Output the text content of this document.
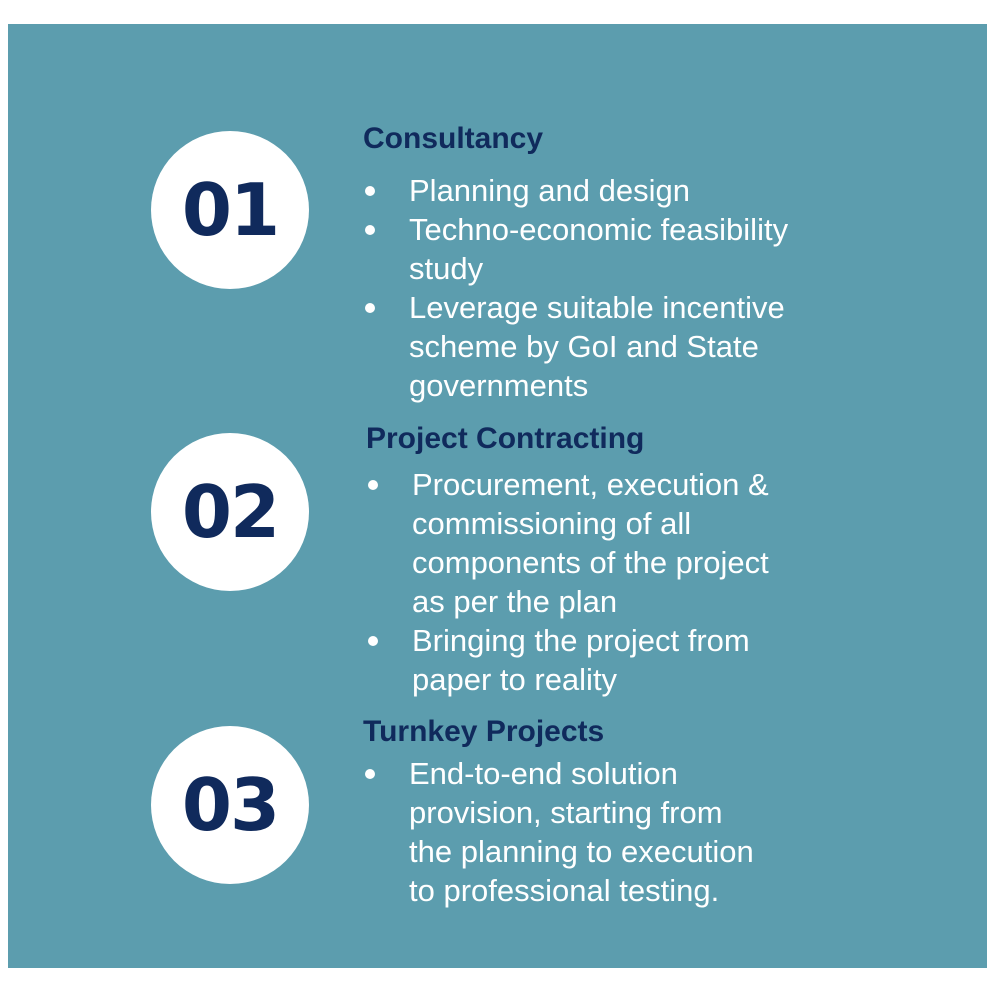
01
Consultancy
Planning and design
Techno-economic feasibility
study
Leverage suitable incentive
scheme by GoI and State
governments
02
Project Contracting
Procurement, execution &
commissioning of all
components of the project
as per the plan
Bringing the project from
paper to reality
03
Turnkey Projects
End-to-end solution
provision, starting from
the planning to execution
to professional testing.
